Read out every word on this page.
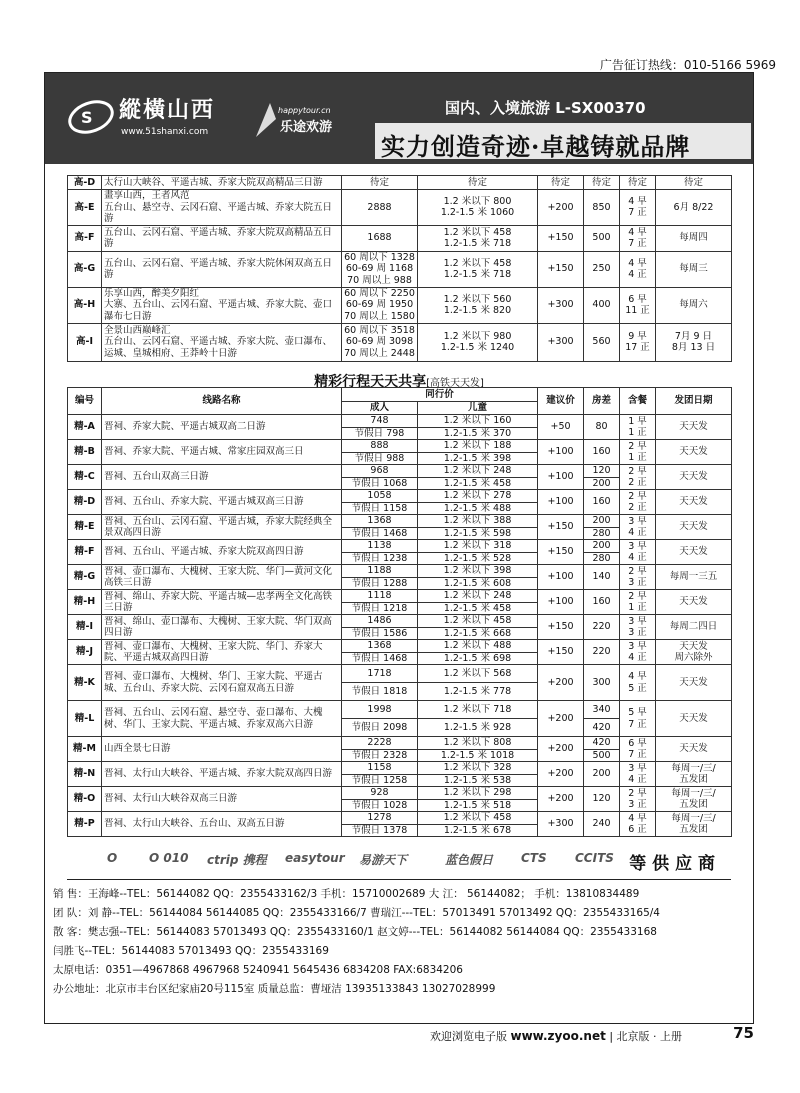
广告征订热线：010-5166 5969
S 縱橫山西
www.51shanxi.com
happytour.cn
乐途欢游
国内、入境旅游 L-SX00370
实力创造奇迹·卓越铸就品牌
高-D	太行山大峡谷、平遥古城、乔家大院双高精品三日游	待定	待定	待定	待定	待定	待定
高-E	畫享山西，王者风范
五台山、悬空寺、云冈石窟、平遥古城、乔家大院五日游	2888	1.2 米以下 800
1.2-1.5 米 1060	+200	850	4 早
7 正	6月 8/22
高-F	五台山、云冈石窟、平遥古城、乔家大院双高精品五日游	1688	1.2 米以下 458
1.2-1.5 米 718	+150	500	4 早
7 正	每周四
高-G	五台山、云冈石窟、平遥古城、乔家大院休闲双高五日游	60 周以下 1328
60-69 周 1168
70 周以上 988	1.2 米以下 458
1.2-1.5 米 718	+150	250	4 早
4 正	每周三
高-H	乐享山西，醉美夕阳红
大寨、五台山、云冈石窟、平遥古城、乔家大院、壶口瀑布七日游	60 周以下 2250
60-69 周 1950
70 周以上 1580	1.2 米以下 560
1.2-1.5 米 820	+300	400	6 早
11 正	每周六
高-I	全景山西巅峰汇
五台山、云冈石窟、平遥古城、乔家大院、壶口瀑布、运城、皇城相府、王莽岭十日游	60 周以下 3518
60-69 周 3098
70 周以上 2448	1.2 米以下 980
1.2-1.5 米 1240	+300	560	9 早
17 正	7月 9 日
8月 13 日
精彩行程天天共享[高铁天天发]
编号	线路名称	同行价		建议价	房差	含餐	发团日期
		成人	儿童				
精-A	晋祠、乔家大院、平遥古城双高二日游	748	1.2 米以下 160	+50	80	1 早
1 正	天天发
		节假日 798	1.2-1.5 米 370				
精-B	晋祠、乔家大院、平遥古城、常家庄园双高三日	888	1.2 米以下 188	+100	160	2 早
1 正	天天发
		节假日 988	1.2-1.5 米 398				
精-C	晋祠、五台山双高三日游	968	1.2 米以下 248	+100	120	2 早
2 正	天天发
		节假日 1068	1.2-1.5 米 458		200		
精-D	晋祠、五台山、乔家大院、平遥古城双高三日游	1058	1.2 米以下 278	+100	160	2 早
2 正	天天发
		节假日 1158	1.2-1.5 米 488				
精-E	晋祠、五台山、云冈石窟、平遥古城，乔家大院经典全景双高四日游	1368	1.2 米以下 388	+150	200	3 早
4 正	天天发
		节假日 1468	1.2-1.5 米 598		280		
精-F	晋祠、五台山、平遥古城、乔家大院双高四日游	1138	1.2 米以下 318	+150	200	3 早
4 正	天天发
		节假日 1238	1.2-1.5 米 528		280		
精-G	晋祠、壶口瀑布、大槐树、王家大院、华门—黄河文化高铁三日游	1188	1.2 米以下 398	+100	140	2 早
3 正	每周一三五
		节假日 1288	1.2-1.5 米 608				
精-H	晋祠、绵山、乔家大院、平遥古城—忠孝两全文化高铁三日游	1118	1.2 米以下 248	+100	160	2 早
1 正	天天发
		节假日 1218	1.2-1.5 米 458				
精-I	晋祠、绵山、壶口瀑布、大槐树、王家大院、华门双高四日游	1486	1.2 米以下 458	+150	220	3 早
3 正	每周二四日
		节假日 1586	1.2-1.5 米 668				
精-J	晋祠、壶口瀑布、大槐树、王家大院、华门、乔家大院、平遥古城双高四日游	1368	1.2 米以下 488	+150	220	3 早
4 正	天天发
周六除外
		节假日 1468	1.2-1.5 米 698				
精-K	晋祠、壶口瀑布、大槐树、华门、王家大院、平遥古城、五台山、乔家大院、云冈石窟双高五日游	1718	1.2 米以下 568	+200	300	4 早
5 正	天天发
		节假日 1818	1.2-1.5 米 778				
精-L	晋祠、五台山、云冈石窟、悬空寺、壶口瀑布、大槐树、华门、王家大院、平遥古城、乔家双高六日游	1998	1.2 米以下 718	+200	340	5 早
7 正	天天发
		节假日 2098	1.2-1.5 米 928		420		
精-M	山西全景七日游	2228	1.2 米以下 808	+200	420	6 早
7 正	天天发
		节假日 2328	1.2-1.5 米 1018		500		
精-N	晋祠、太行山大峡谷、平遥古城、乔家大院双高四日游	1158	1.2 米以下 328	+200	200	3 早
4 正	每周一/三/
五发团
		节假日 1258	1.2-1.5 米 538				
精-O	晋祠、太行山大峡谷双高三日游	928	1.2 米以下 298	+200	120	2 早
3 正	每周一/三/
五发团
		节假日 1028	1.2-1.5 米 518				
精-P	晋祠、太行山大峡谷、五台山、双高五日游	1278	1.2 米以下 458	+300	240	4 早
6 正	每周一/三/
五发团
		节假日 1378	1.2-1.5 米 678				
O	O 010 ctrip 携程 easytour 易游天下	蓝色假日 CTS CCITS 等 供 应 商
销 售：王海峰--TEL：56144082 QQ：2355433162/3 手机：15710002689 大 江： 56144082； 手机：13810834489
团 队：刘 静--TEL：56144084 56144085 QQ：2355433166/7 曹瑞江---TEL：57013491 57013492 QQ：2355433165/4
散 客：樊志强--TEL：56144083 57013493 QQ：2355433160/1 赵文婷---TEL：56144082 56144084 QQ：2355433168
闫胜飞--TEL：56144083 57013493 QQ：2355433169
太原电话：0351—4967868 4967968 5240941 5645436 6834208 FAX:6834206
办公地址：北京市丰台区纪家庙20号115室 质量总监：曹垭洁 13935133843 13027028999
欢迎浏览电子版 www.zyoo.net | 北京版 · 上册	75
